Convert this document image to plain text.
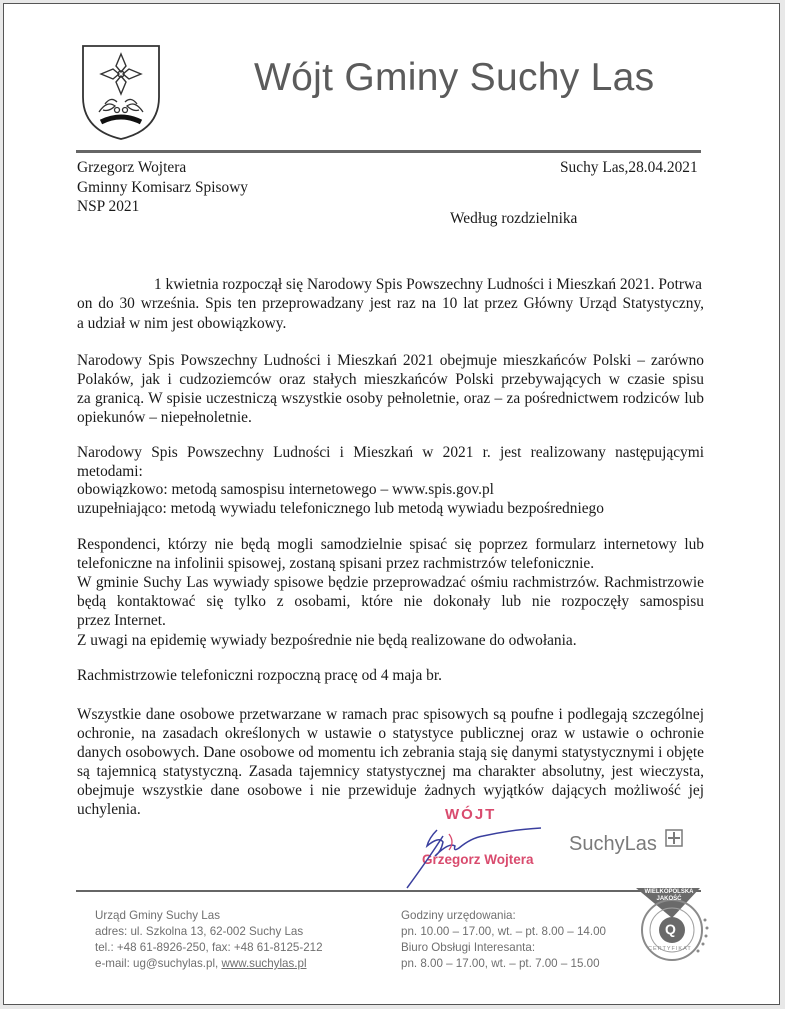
Wójt Gminy Suchy Las
Grzegorz Wojtera
Gminny Komisarz Spisowy
NSP 2021
Suchy Las,28.04.2021
Według rozdzielnika
1 kwietnia rozpoczął się Narodowy Spis Powszechny Ludności i Mieszkań 2021. Potrwa
on do 30 września. Spis ten przeprowadzany jest raz na 10 lat przez Główny Urząd Statystyczny,
a udział w nim jest obowiązkowy.
Narodowy Spis Powszechny Ludności i Mieszkań 2021 obejmuje mieszkańców Polski – zarówno
Polaków, jak i cudzoziemców oraz stałych mieszkańców Polski przebywających w czasie spisu
za granicą. W spisie uczestniczą wszystkie osoby pełnoletnie, oraz – za pośrednictwem rodziców lub
opiekunów – niepełnoletnie.
Narodowy Spis Powszechny Ludności i Mieszkań w 2021 r. jest realizowany następującymi
metodami:
obowiązkowo: metodą samospisu internetowego – www.spis.gov.pl
uzupełniająco: metodą wywiadu telefonicznego lub metodą wywiadu bezpośredniego
Respondenci, którzy nie będą mogli samodzielnie spisać się poprzez formularz internetowy lub
telefoniczne na infolinii spisowej, zostaną spisani przez rachmistrzów telefonicznie.
W gminie Suchy Las wywiady spisowe będzie przeprowadzać ośmiu rachmistrzów. Rachmistrzowie
będą kontaktować się tylko z osobami, które nie dokonały lub nie rozpoczęły samospisu
przez Internet.
Z uwagi na epidemię wywiady bezpośrednie nie będą realizowane do odwołania.
Rachmistrzowie telefoniczni rozpoczną pracę od 4 maja br.
Wszystkie dane osobowe przetwarzane w ramach prac spisowych są poufne i podlegają szczególnej
ochronie, na zasadach określonych w ustawie o statystyce publicznej oraz w ustawie o ochronie
danych osobowych. Dane osobowe od momentu ich zebrania stają się danymi statystycznymi i objęte
są tajemnicą statystyczną. Zasada tajemnicy statystycznej ma charakter absolutny, jest wieczysta,
obejmuje wszystkie dane osobowe i nie przewiduje żadnych wyjątków dających możliwość jej
uchylenia.	WÓJT
Grzegorz Wojtera
SuchyLas
Urząd Gminy Suchy Las
adres: ul. Szkolna 13, 62-002 Suchy Las
tel.: +48 61-8926-250, fax: +48 61-8125-212
e-mail: ug@suchylas.pl, www.suchylas.pl
Godziny urzędowania:
pn. 10.00 – 17.00, wt. – pt. 8.00 – 14.00
Biuro Obsługi Interesanta:
pn. 8.00 – 17.00, wt. – pt. 7.00 – 15.00
WIELKOPOLSKA JAKOŚĆ
Q
CERTYFIKAT
